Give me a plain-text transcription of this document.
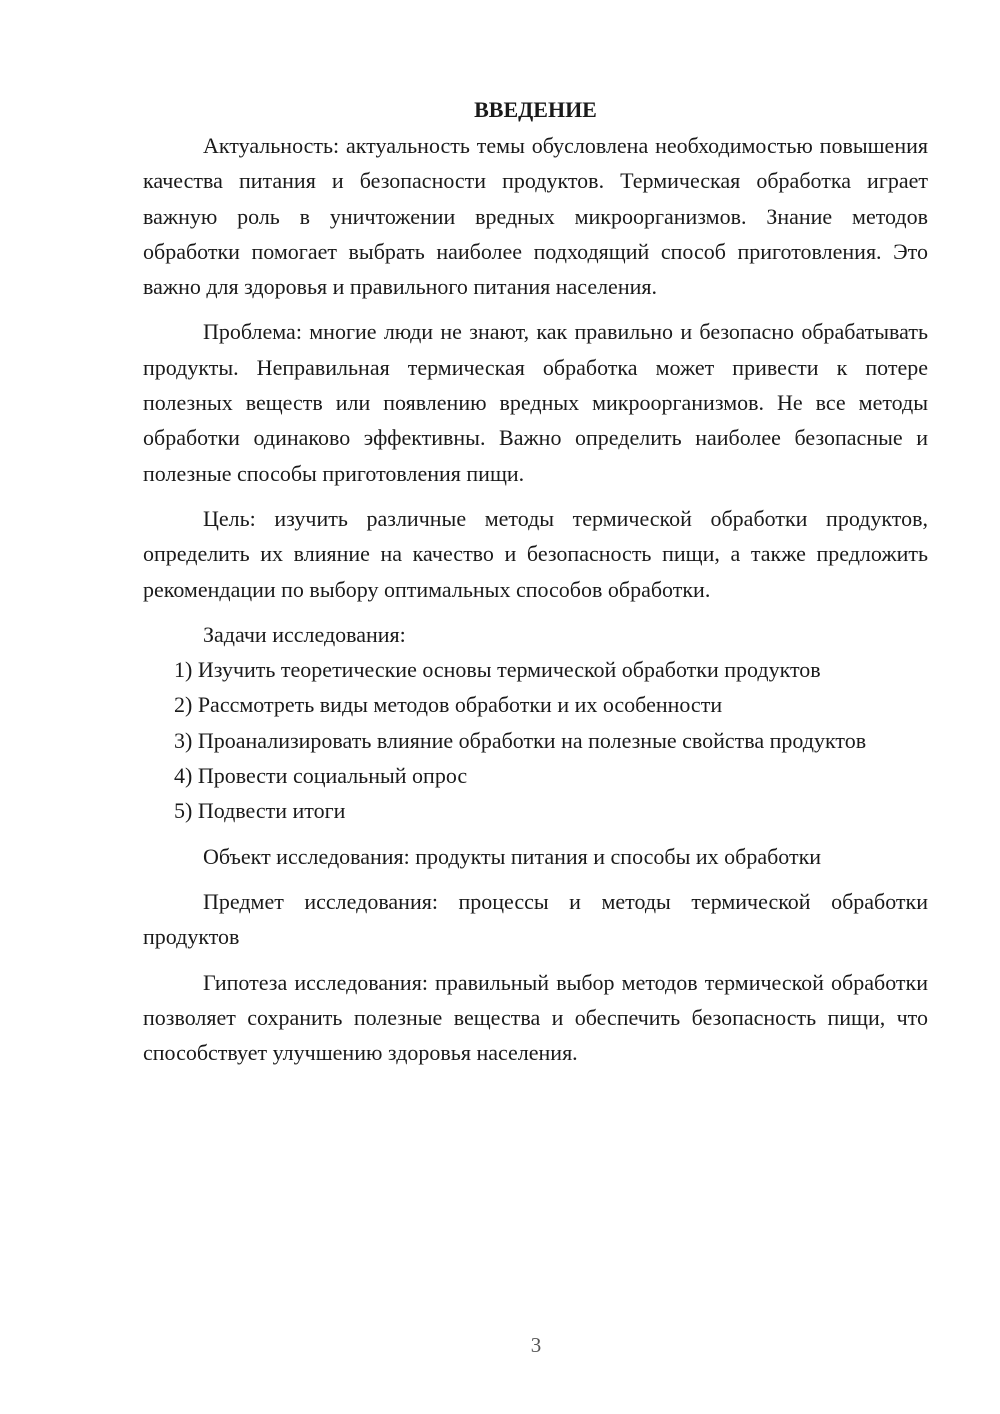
ВВЕДЕНИЕ

Актуальность: актуальность темы обусловлена необходимостью повышения качества питания и безопасности продуктов. Термическая обработка играет важную роль в уничтожении вредных микроорганизмов. Знание методов обработки помогает выбрать наиболее подходящий способ приготовления. Это важно для здоровья и правильного питания населения.

Проблема: многие люди не знают, как правильно и безопасно обрабатывать продукты. Неправильная термическая обработка может привести к потере полезных веществ или появлению вредных микроорганизмов. Не все методы обработки одинаково эффективны. Важно определить наиболее безопасные и полезные способы приготовления пищи.

Цель: изучить различные методы термической обработки продуктов, определить их влияние на качество и безопасность пищи, а также предложить рекомендации по выбору оптимальных способов обработки.

Задачи исследования:

1) Изучить теоретические основы термической обработки продуктов

2) Рассмотреть виды методов обработки и их особенности

3) Проанализировать влияние обработки на полезные свойства продуктов

4) Провести социальный опрос

5) Подвести итоги

Объект исследования: продукты питания и способы их обработки

Предмет исследования: процессы и методы термической обработки продуктов

Гипотеза исследования: правильный выбор методов термической обработки позволяет сохранить полезные вещества и обеспечить безопасность пищи, что способствует улучшению здоровья населения.

3
